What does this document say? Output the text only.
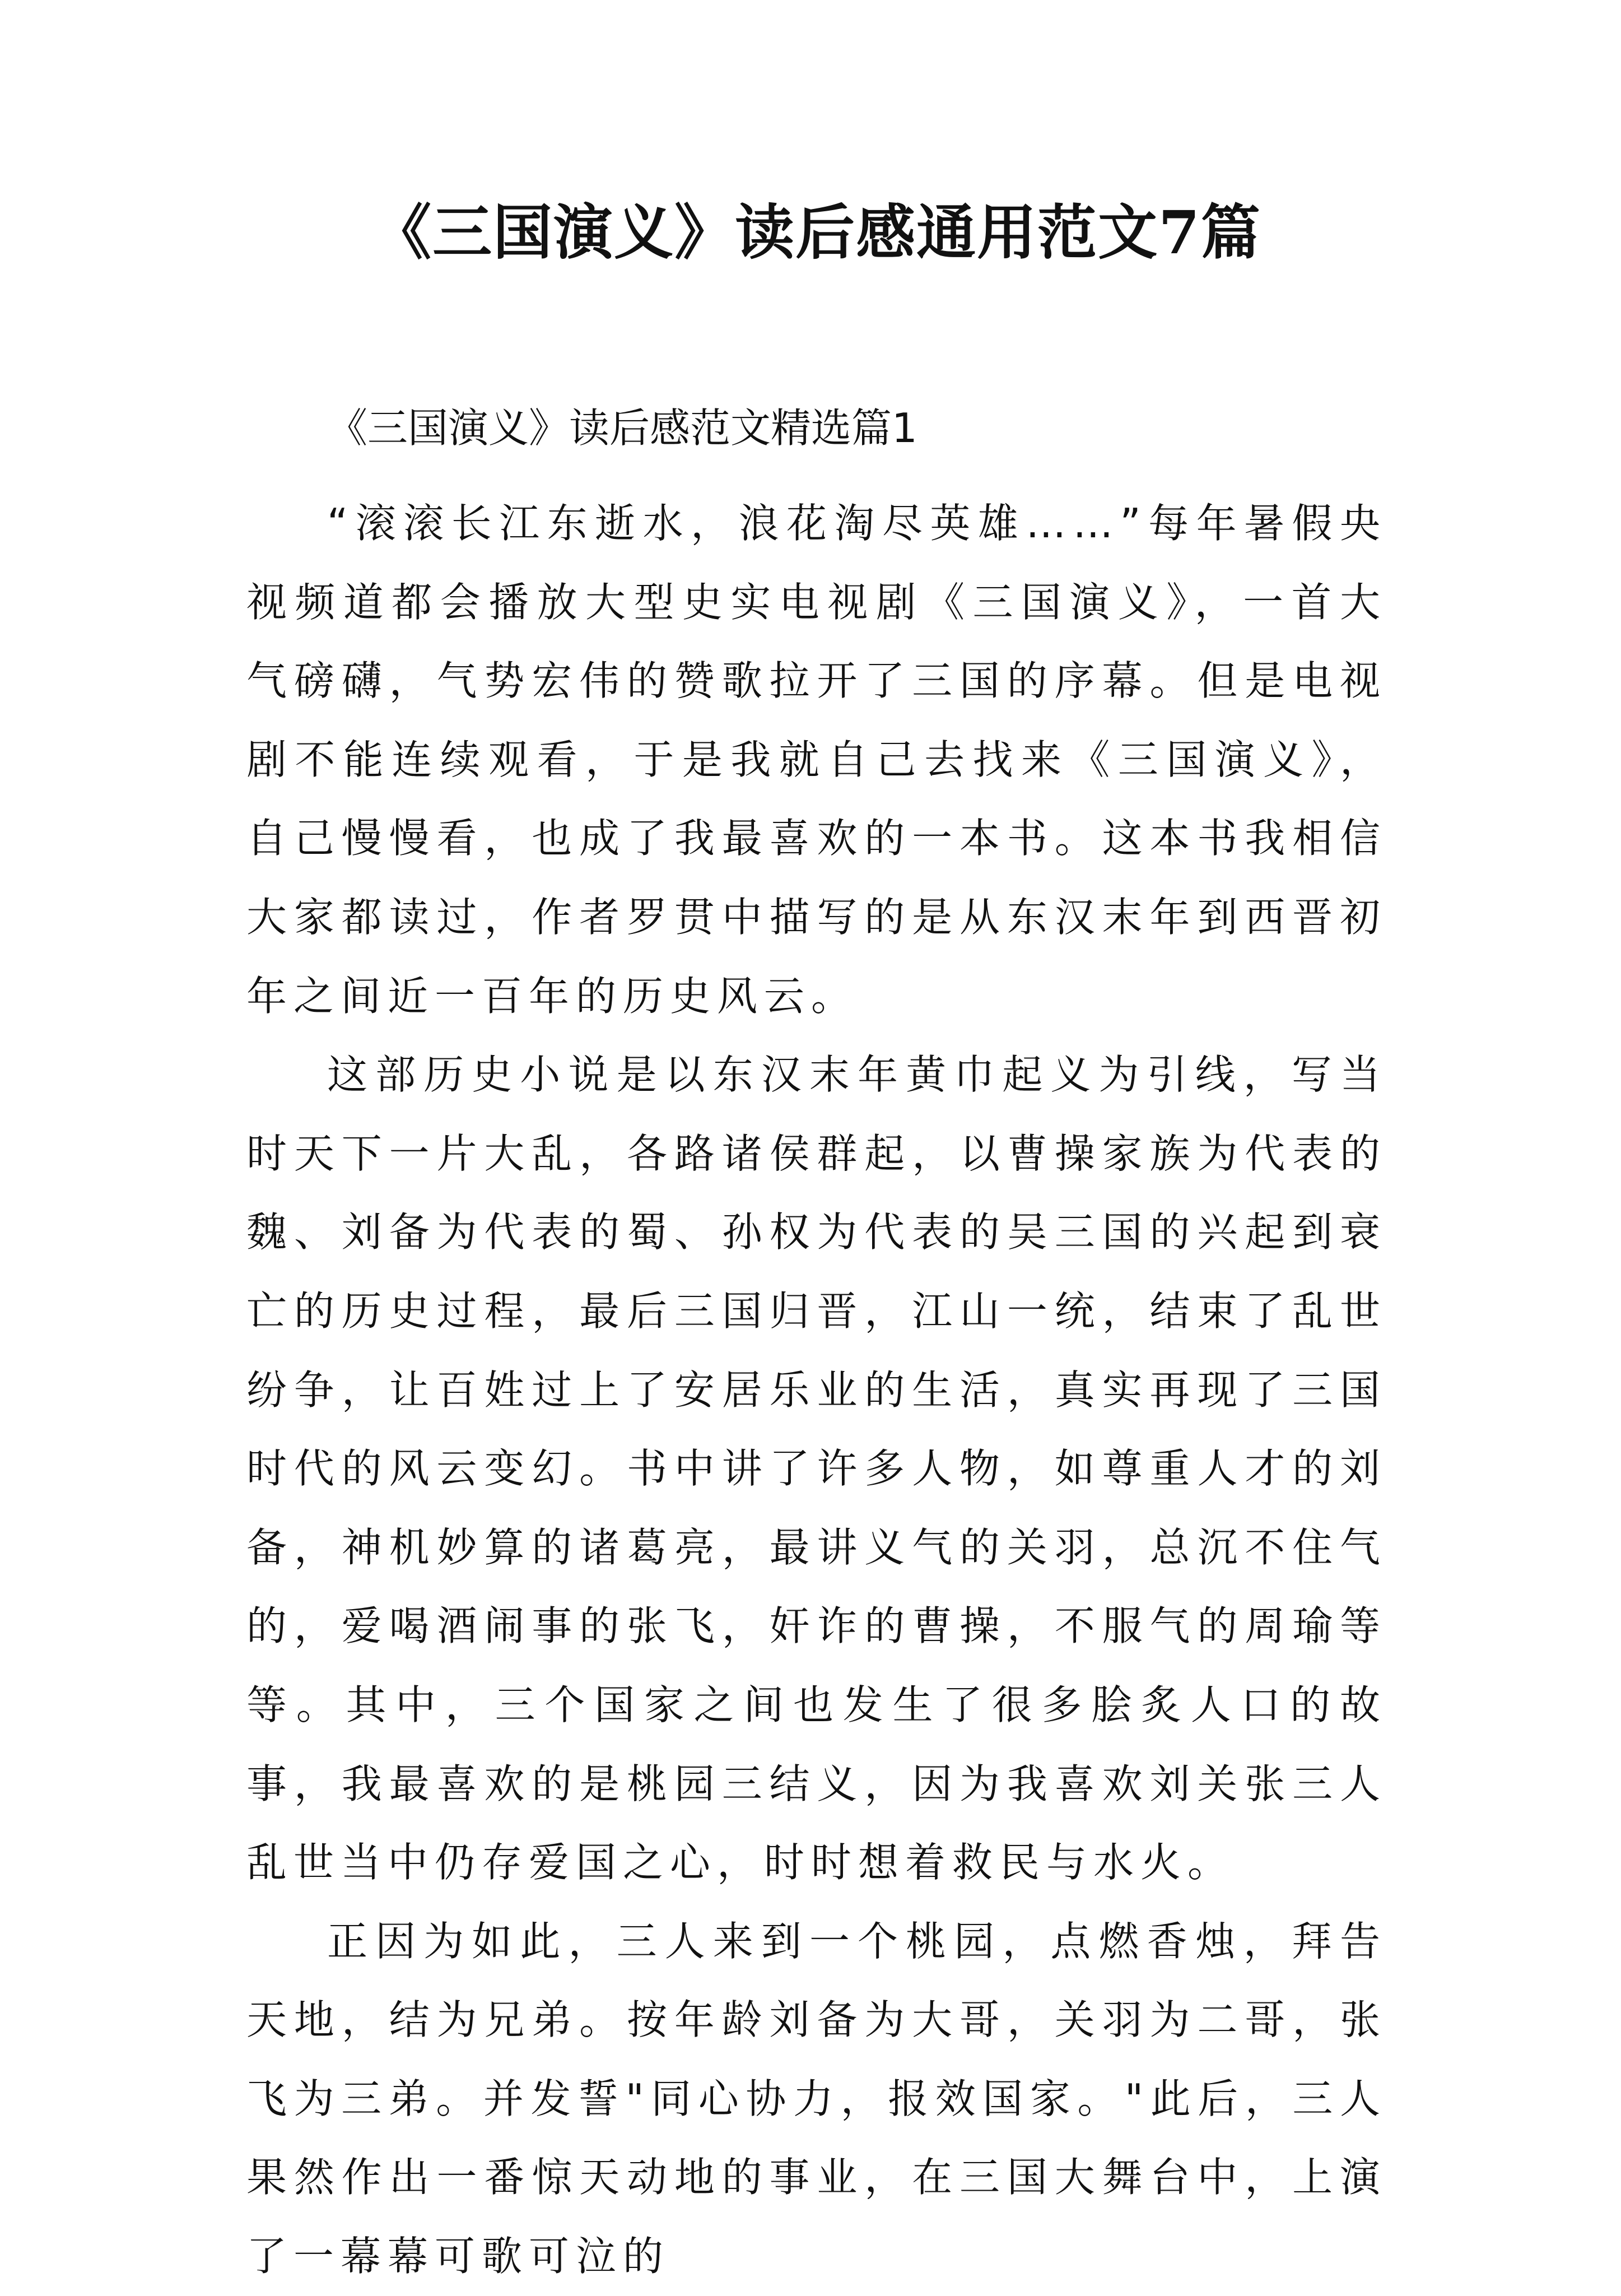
《三国演义》读后感通用范文7篇
《三国演义》读后感范文精选篇1

“滚滚长江东逝水，浪花淘尽英雄……”每年暑假央视频道都会播放大型史实电视剧《三国演义》，一首大气磅礴，气势宏伟的赞歌拉开了三国的序幕。但是电视剧不能连续观看，于是我就自己去找来《三国演义》，自己慢慢看，也成了我最喜欢的一本书。这本书我相信大家都读过，作者罗贯中描写的是从东汉末年到西晋初年之间近一百年的历史风云。

这部历史小说是以东汉末年黄巾起义为引线，写当时天下一片大乱，各路诸侯群起，以曹操家族为代表的魏、刘备为代表的蜀、孙权为代表的吴三国的兴起到衰亡的历史过程，最后三国归晋，江山一统，结束了乱世纷争，让百姓过上了安居乐业的生活，真实再现了三国时代的风云变幻。书中讲了许多人物，如尊重人才的刘备，神机妙算的诸葛亮，最讲义气的关羽，总沉不住气的，爱喝酒闹事的张飞，奸诈的曹操，不服气的周瑜等等。其中，三个国家之间也发生了很多脍炙人口的故事，我最喜欢的是桃园三结义，因为我喜欢刘关张三人乱世当中仍存爱国之心，时时想着救民与水火。

正因为如此，三人来到一个桃园，点燃香烛，拜告天地，结为兄弟。按年龄刘备为大哥，关羽为二哥，张飞为三弟。并发誓"同心协力，报效国家。"此后，三人果然作出一番惊天动地的事业，在三国大舞台中，上演了一幕幕可歌可泣的
